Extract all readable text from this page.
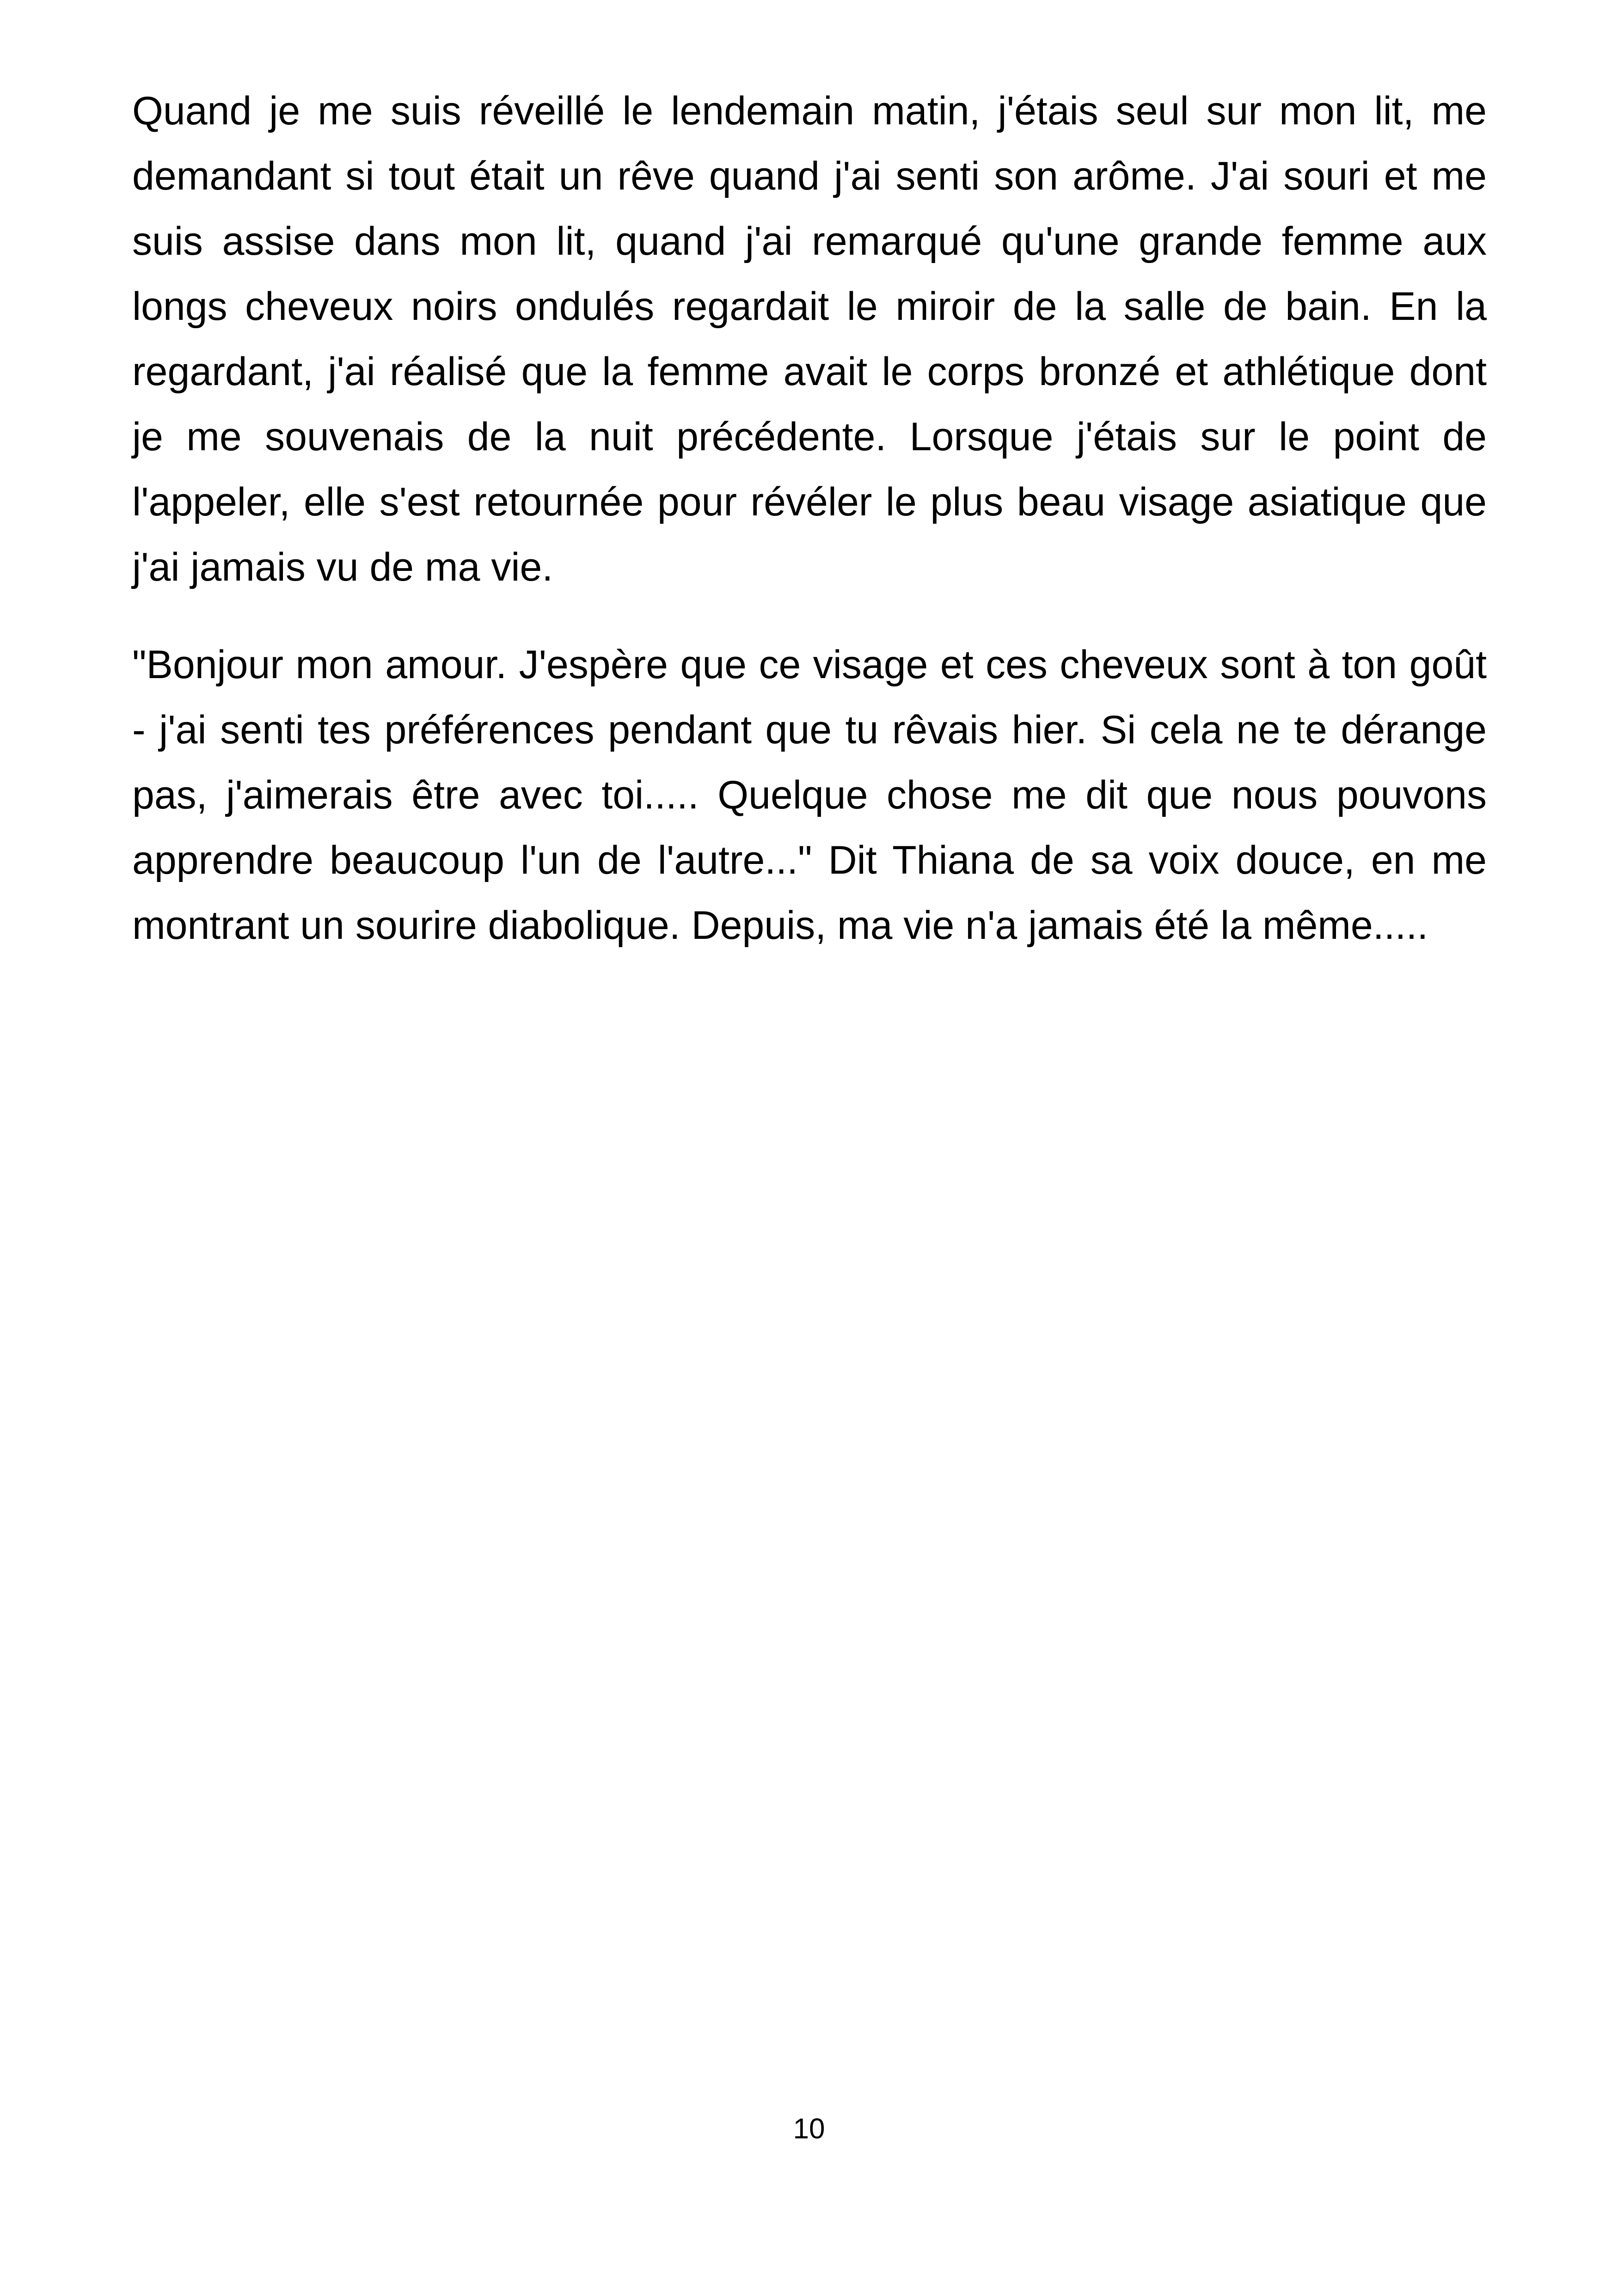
Quand je me suis réveillé le lendemain matin, j'étais seul sur mon lit, me demandant si tout était un rêve quand j'ai senti son arôme. J'ai souri et me suis assise dans mon lit, quand j'ai remarqué qu'une grande femme aux longs cheveux noirs ondulés regardait le miroir de la salle de bain. En la regardant, j'ai réalisé que la femme avait le corps bronzé et athlétique dont je me souvenais de la nuit précédente. Lorsque j'étais sur le point de l'appeler, elle s'est retournée pour révéler le plus beau visage asiatique que j'ai jamais vu de ma vie.

"Bonjour mon amour. J'espère que ce visage et ces cheveux sont à ton goût - j'ai senti tes préférences pendant que tu rêvais hier. Si cela ne te dérange pas, j'aimerais être avec toi..... Quelque chose me dit que nous pouvons apprendre beaucoup l'un de l'autre..." Dit Thiana de sa voix douce, en me montrant un sourire diabolique. Depuis, ma vie n'a jamais été la même.....

10
